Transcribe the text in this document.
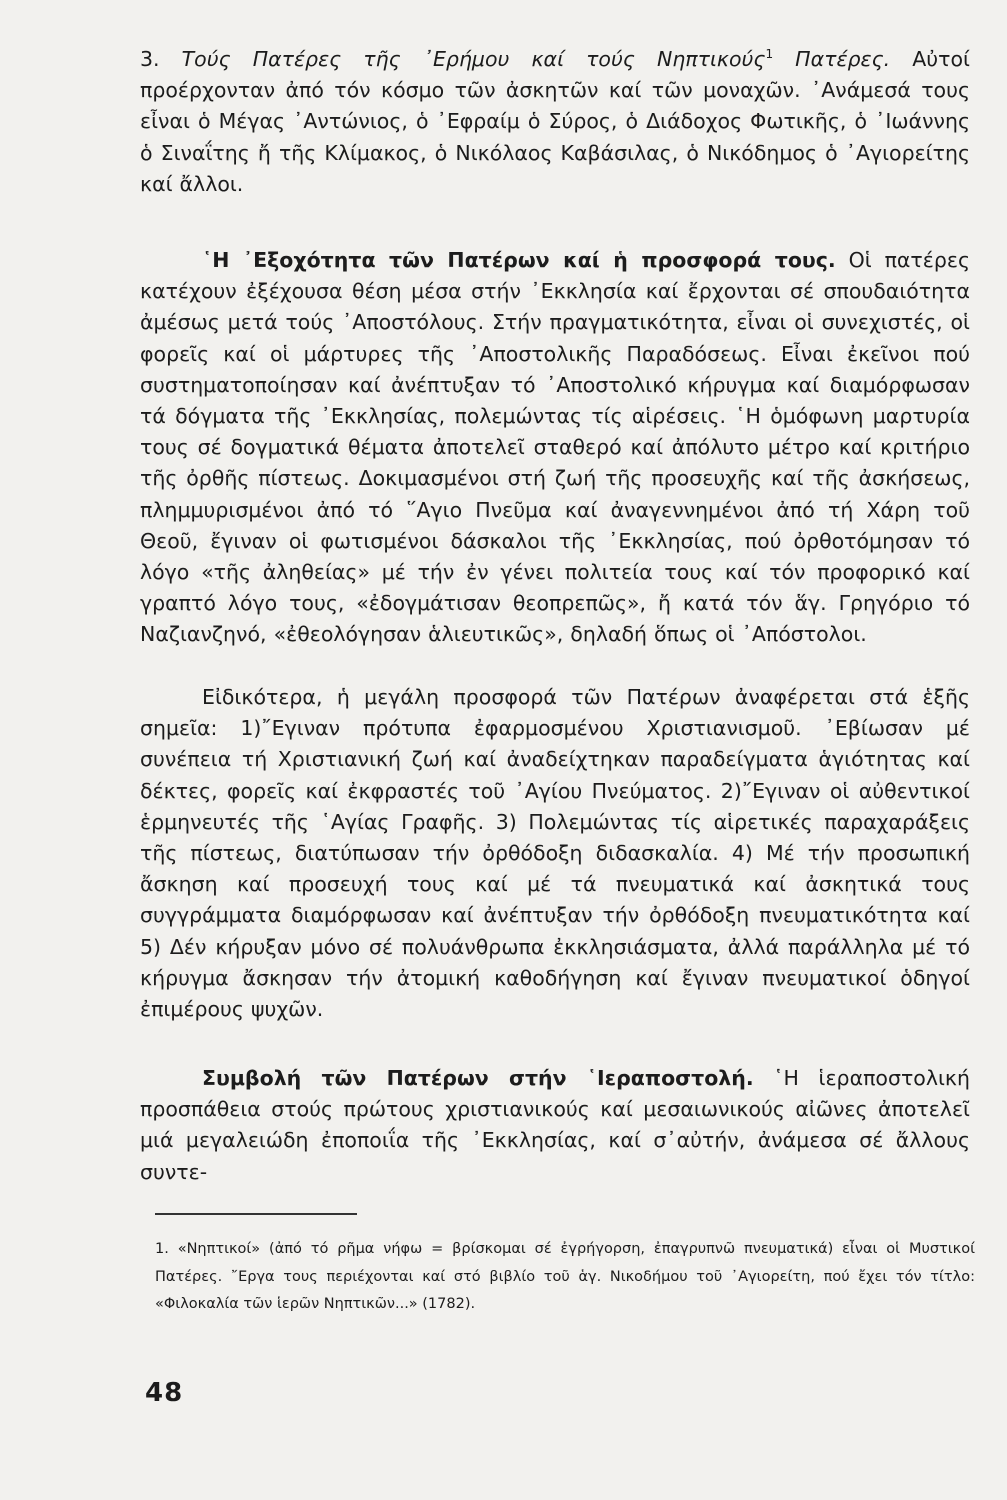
3. Τούς Πατέρες τῆς ᾽Ερήμου καί τούς Νηπτικούς$^1$ Πατέρες. Αὐτοί προέρχονταν ἀπό τόν κόσμο τῶν ἀσκητῶν καί τῶν μοναχῶν. ᾽Ανάμεσά τους εἶναι ὁ Μέγας ᾽Αντώνιος, ὁ ᾽Εφραίμ ὁ Σύρος, ὁ Διάδοχος Φωτικῆς, ὁ ᾽Ιωάννης ὁ Σιναΐτης ἤ τῆς Κλίμακος, ὁ Νικόλαος Καβάσιλας, ὁ Νικόδημος ὁ ᾽Αγιορείτης καί ἄλλοι.

῾Η ᾽Εξοχότητα τῶν Πατέρων καί ἡ προσφορά τους. Οἱ πατέρες κατέχουν ἐξέχουσα θέση μέσα στήν ᾽Εκκλησία καί ἔρχονται σέ σπουδαιότητα ἀμέσως μετά τούς ᾽Αποστόλους. Στήν πραγματικότητα, εἶναι οἱ συνεχιστές, οἱ φορεῖς καί οἱ μάρτυρες τῆς ᾽Αποστολικῆς Παραδόσεως. Εἶναι ἐκεῖνοι πού συστηματοποίησαν καί ἀνέπτυξαν τό ᾽Αποστολικό κήρυγμα καί διαμόρφωσαν τά δόγματα τῆς ᾽Εκκλησίας, πολεμώντας τίς αἱρέσεις. ῾Η ὁμόφωνη μαρτυρία τους σέ δογματικά θέματα ἀποτελεῖ σταθερό καί ἀπόλυτο μέτρο καί κριτήριο τῆς ὀρθῆς πίστεως. Δοκιμασμένοι στή ζωή τῆς προσευχῆς καί τῆς ἀσκήσεως, πλημμυρισμένοι ἀπό τό ῞Αγιο Πνεῦμα καί ἀναγεννημένοι ἀπό τή Χάρη τοῦ Θεοῦ, ἔγιναν οἱ φωτισμένοι δάσκαλοι τῆς ᾽Εκκλησίας, πού ὀρθοτόμησαν τό λόγο «τῆς ἀληθείας» μέ τήν ἐν γένει πολιτεία τους καί τόν προφορικό καί γραπτό λόγο τους, «ἐδογμάτισαν θεοπρεπῶς», ἤ κατά τόν ἅγ. Γρηγόριο τό Ναζιανζηνό, «ἐθεολόγησαν ἁλιευτικῶς», δηλαδή ὅπως οἱ ᾽Απόστολοι.

Εἰδικότερα, ἡ μεγάλη προσφορά τῶν Πατέρων ἀναφέρεται στά ἑξῆς σημεῖα: 1)῎Εγιναν πρότυπα ἐφαρμοσμένου Χριστιανισμοῦ. ᾽Εβίωσαν μέ συνέπεια τή Χριστιανική ζωή καί ἀναδείχτηκαν παραδείγματα ἁγιότητας καί δέκτες, φορεῖς καί ἐκφραστές τοῦ ᾽Αγίου Πνεύματος. 2)῎Εγιναν οἱ αὐθεντικοί ἑρμηνευτές τῆς ῾Αγίας Γραφῆς. 3) Πολεμώντας τίς αἱρετικές παραχαράξεις τῆς πίστεως, διατύπωσαν τήν ὀρθόδοξη διδασκαλία. 4) Μέ τήν προσωπική ἄσκηση καί προσευχή τους καί μέ τά πνευματικά καί ἀσκητικά τους συγγράμματα διαμόρφωσαν καί ἀνέπτυξαν τήν ὀρθόδοξη πνευματικότητα καί 5) Δέν κήρυξαν μόνο σέ πολυάνθρωπα ἐκκλησιάσματα, ἀλλά παράλληλα μέ τό κήρυγμα ἄσκησαν τήν ἀτομική καθοδήγηση καί ἔγιναν πνευματικοί ὁδηγοί ἐπιμέρους ψυχῶν.

Συμβολή τῶν Πατέρων στήν ῾Ιεραποστολή. ῾Η ἱεραποστολική προσπάθεια στούς πρώτους χριστιανικούς καί μεσαιωνικούς αἰῶνες ἀποτελεῖ μιά μεγαλειώδη ἐποποιΐα τῆς ᾽Εκκλησίας, καί σ᾽αὐτήν, ἀνάμεσα σέ ἄλλους συντε-

1. «Νηπτικοί» (ἀπό τό ρῆμα νήφω = βρίσκομαι σέ ἐγρήγορση, ἐπαγρυπνῶ πνευματικά) εἶναι οἱ Μυστικοί Πατέρες. ῎Εργα τους περιέχονται καί στό βιβλίο τοῦ ἁγ. Νικοδήμου τοῦ ᾽Αγιορείτη, πού ἔχει τόν τίτλο: «Φιλοκαλία τῶν ἱερῶν Νηπτικῶν...» (1782).
48
